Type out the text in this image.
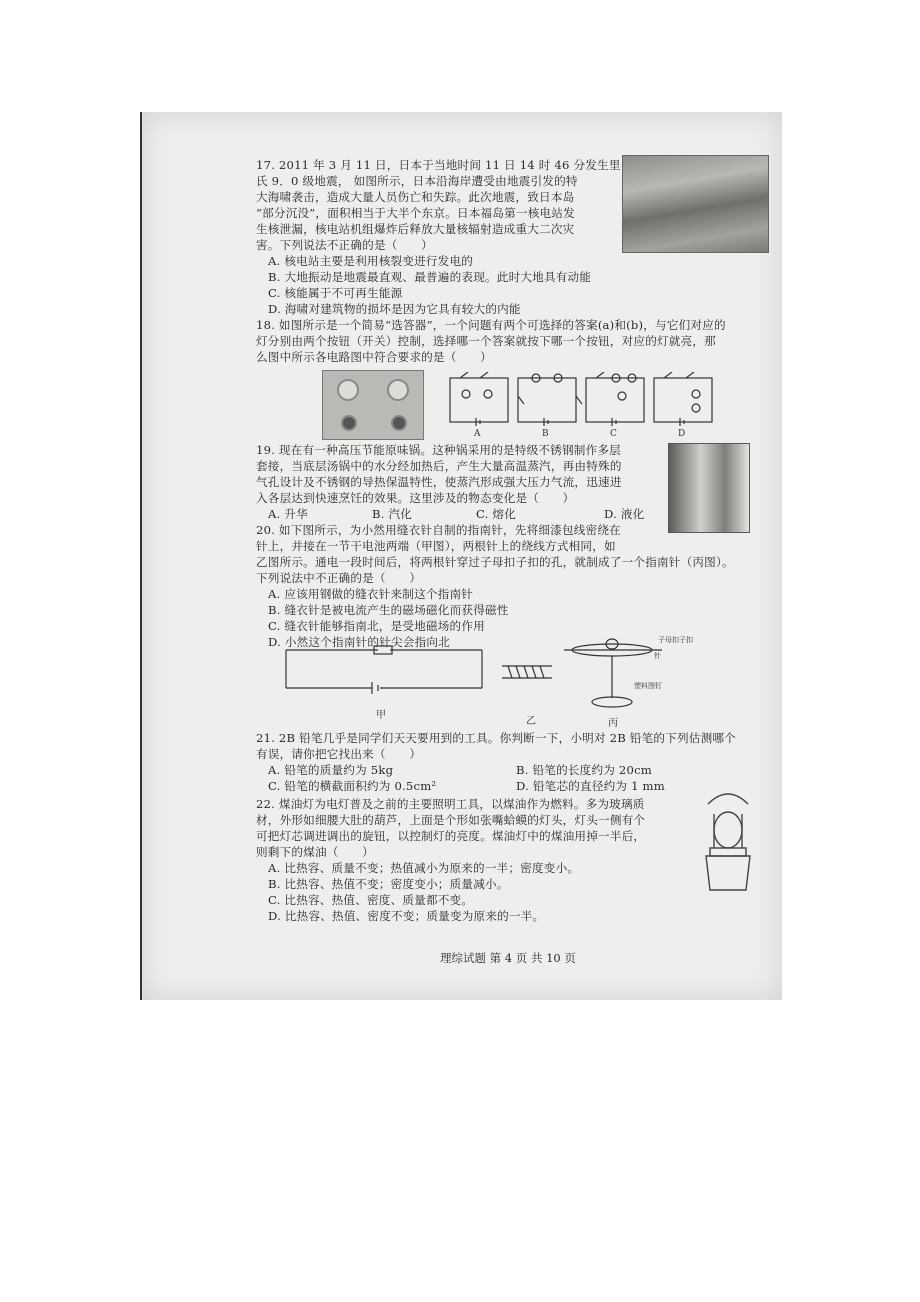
17. 2011 年 3 月 11 日，日本于当地时间 11 日 14 时 46 分发生里
氏 9．0 级地震， 如图所示，日本沿海岸遭受由地震引发的特
大海啸袭击，造成大量人员伤亡和失踪。此次地震，致日本岛
“部分沉没”，面积相当于大半个东京。日本福岛第一核电站发
生核泄漏，核电站机组爆炸后释放大量核辐射造成重大二次灾
害。下列说法不正确的是（　　）
A. 核电站主要是利用核裂变进行发电的
B. 大地振动是地震最直观、最普遍的表现。此时大地具有动能
C. 核能属于不可再生能源
D. 海啸对建筑物的损坏是因为它具有较大的内能
18. 如图所示是一个简易“选答器”，一个问题有两个可选择的答案(a)和(b)，与它们对应的
灯分别由两个按钮（开关）控制，选择哪一个答案就按下哪一个按钮，对应的灯就亮，那
么图中所示各电路图中符合要求的是（　　）
A	B	C	D
19. 现在有一种高压节能原味锅。这种锅采用的是特级不锈钢制作多层
套接，当底层汤锅中的水分经加热后，产生大量高温蒸汽，再由特殊的
气孔设计及不锈钢的导热保温特性，使蒸汽形成强大压力气流，迅速进
入各层达到快速烹饪的效果。这里涉及的物态变化是（　　）
A. 升华	B. 汽化	C. 熔化	D. 液化
20. 如下图所示，为小然用缝衣针自制的指南针，先将细漆包线密绕在
针上，并接在一节干电池两端（甲图），两根针上的绕线方式相同，如
乙图所示。通电一段时间后，将两根针穿过子母扣子扣的孔，就制成了一个指南针（丙图）。
下列说法中不正确的是（　　）
A. 应该用钢做的缝衣针来制这个指南针
B. 缝衣针是被电流产生的磁场磁化而获得磁性
C. 缝衣针能够指南北，是受地磁场的作用
D. 小然这个指南针的针尖会指向北
甲
乙	丙
子母扣子扣
针
塑料图钉
21. 2B 铅笔几乎是同学们天天要用到的工具。你判断一下，小明对 2B 铅笔的下列估测哪个
有误，请你把它找出来（　　）
A. 铅笔的质量约为 5kg	B. 铅笔的长度约为 20cm
C. 铅笔的横截面积约为 0.5cm²	D. 铅笔芯的直径约为 1 mm
22. 煤油灯为电灯普及之前的主要照明工具，以煤油作为燃料。多为玻璃质
材，外形如细腰大肚的葫芦，上面是个形如张嘴蛤蟆的灯头，灯头一侧有个
可把灯芯调进调出的旋钮，以控制灯的亮度。煤油灯中的煤油用掉一半后，
则剩下的煤油（　　）
A. 比热容、质量不变；热值减小为原来的一半；密度变小。
B. 比热容、热值不变；密度变小；质量减小。
C. 比热容、热值、密度、质量都不变。
D. 比热容、热值、密度不变；质量变为原来的一半。
理综试题 第 4 页 共 10 页
